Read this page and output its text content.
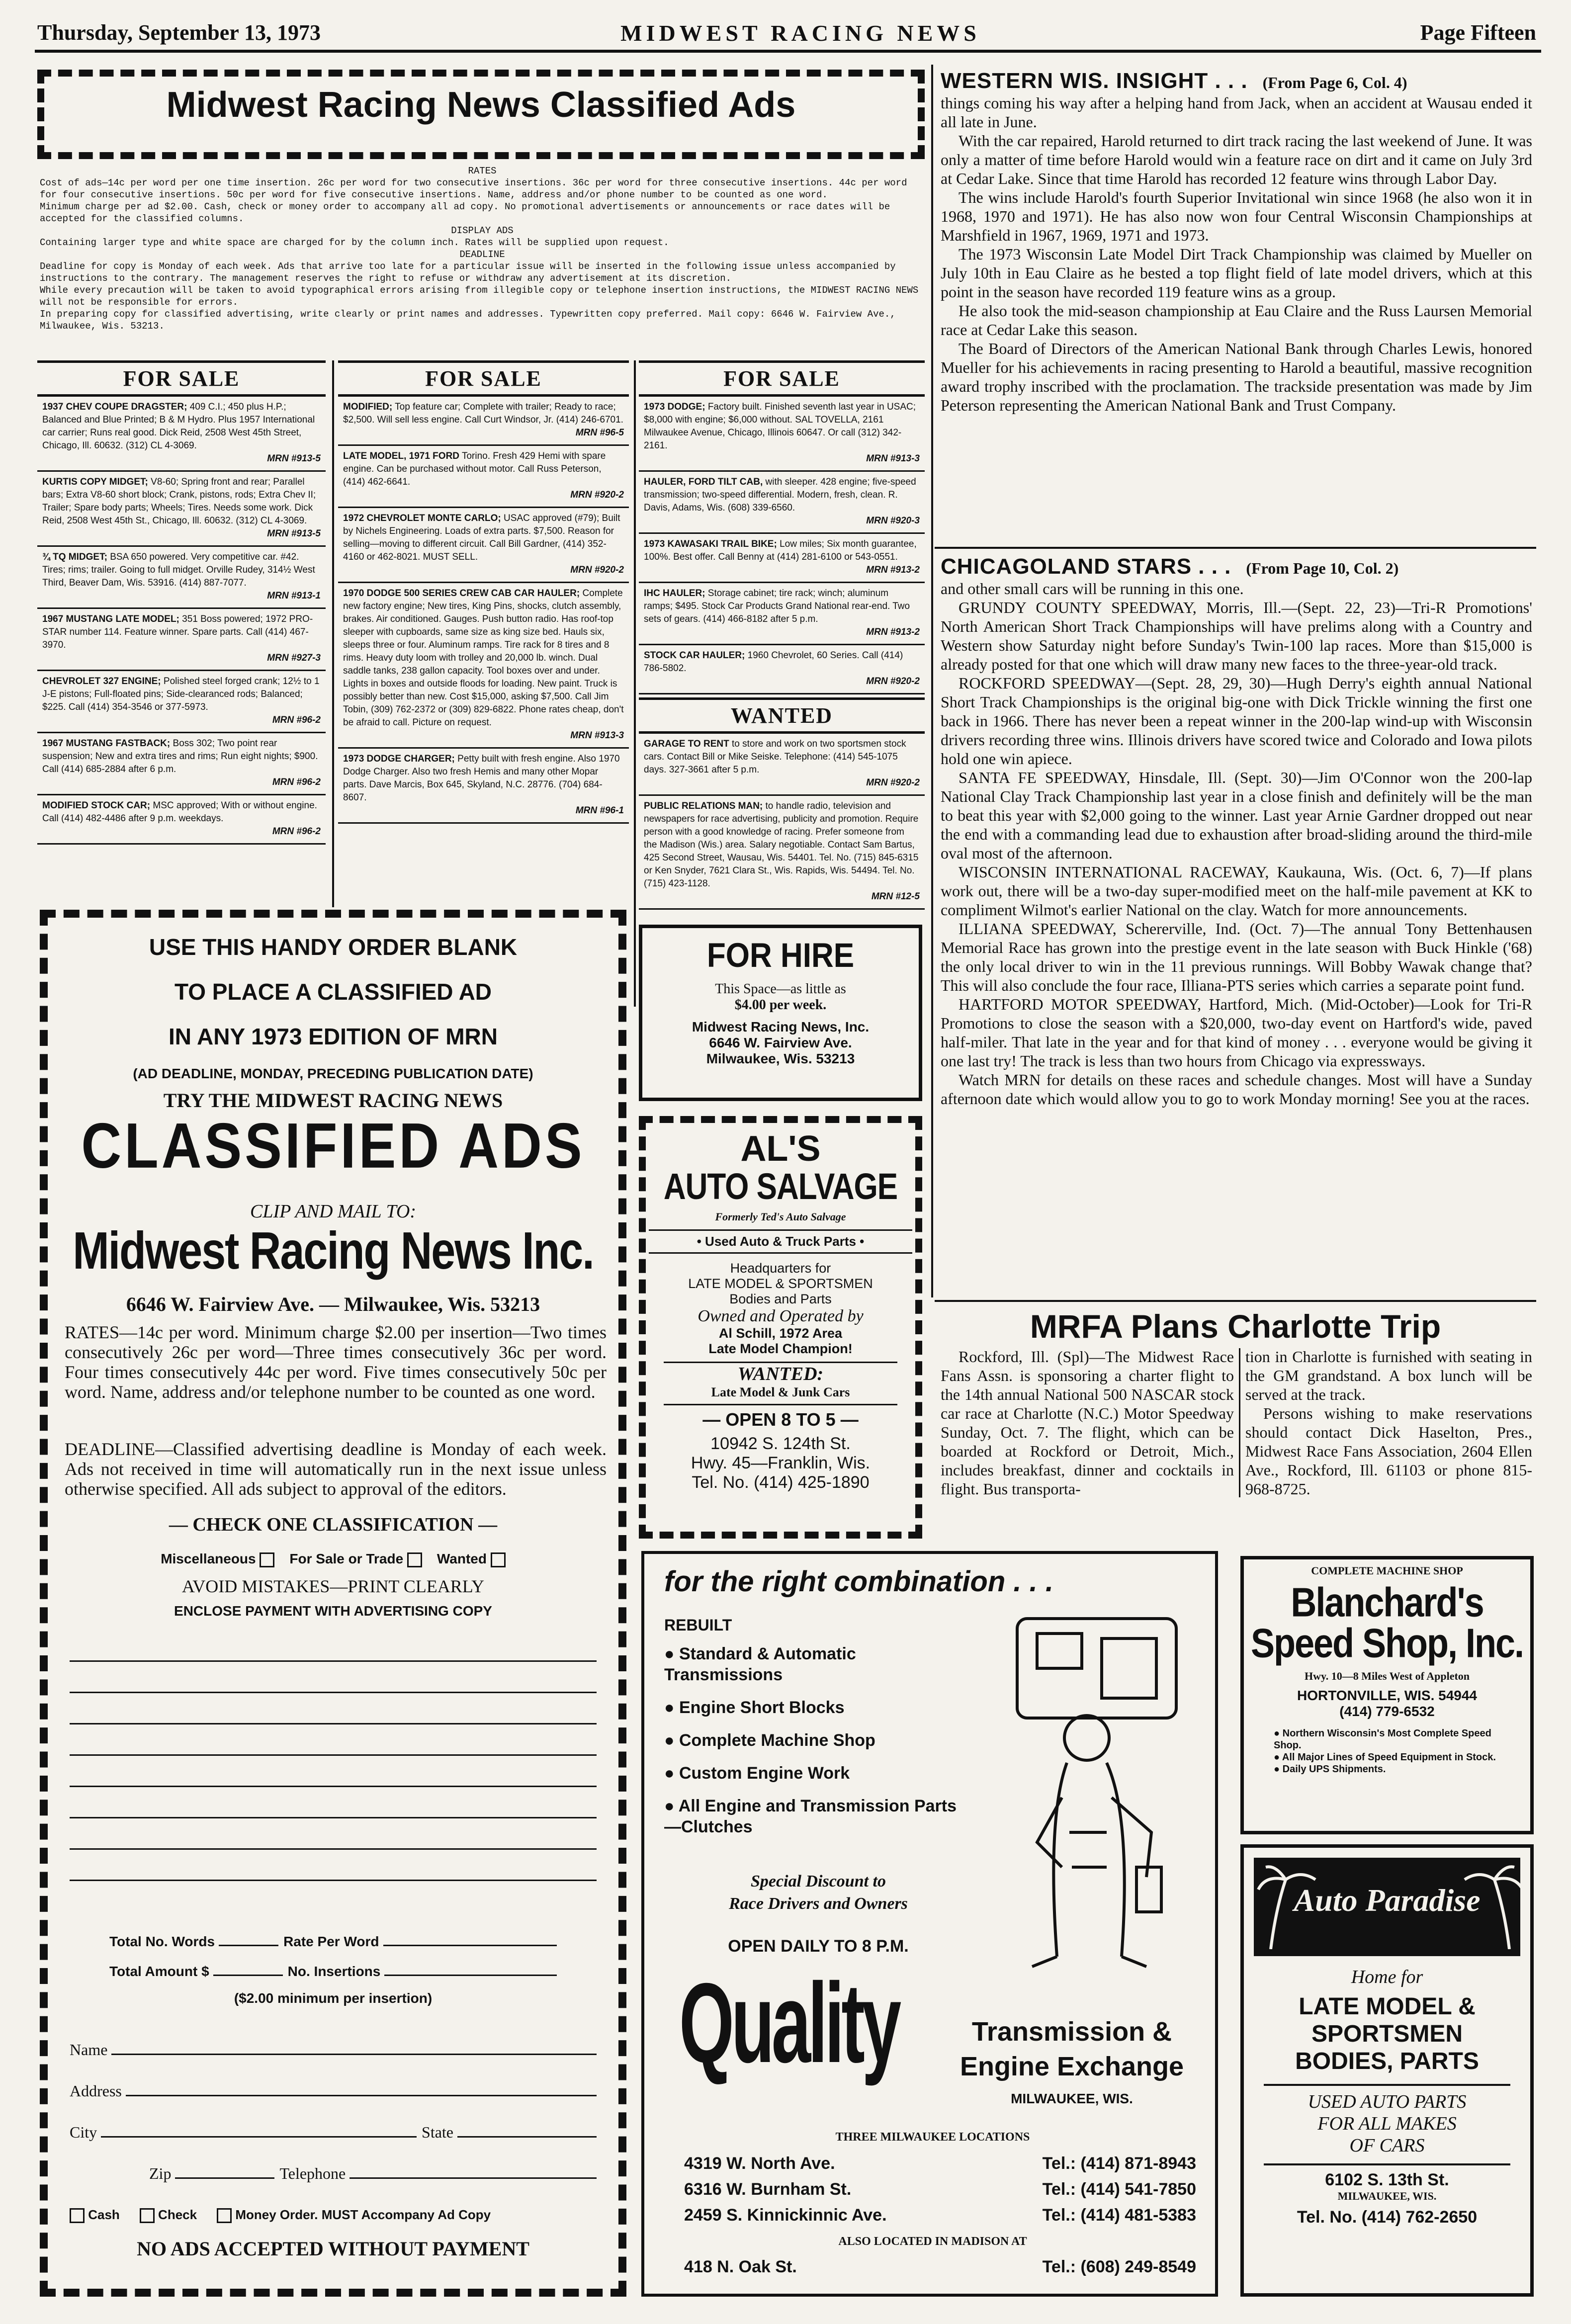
Thursday, September 13, 1973	MIDWEST RACING NEWS	Page Fifteen
Midwest Racing News Classified Ads
RATES
Cost of ads—14c per word per one time insertion. 26c per word for two consecutive insertions. 36c per word for three consecutive insertions. 44c per word for four consecutive insertions. 50c per word for five consecutive insertions. Name, address and/or phone number to be counted as one word.
Minimum charge per ad $2.00. Cash, check or money order to accompany all ad copy. No promotional advertisements or announcements or race dates will be accepted for the classified columns.
DISPLAY ADS
Containing larger type and white space are charged for by the column inch. Rates will be supplied upon request.
DEADLINE
Deadline for copy is Monday of each week. Ads that arrive too late for a particular issue will be inserted in the following issue unless accompanied by instructions to the contrary. The management reserves the right to refuse or withdraw any advertisement at its discretion.
While every precaution will be taken to avoid typographical errors arising from illegible copy or telephone insertion instructions, the MIDWEST RACING NEWS will not be responsible for errors.
In preparing copy for classified advertising, write clearly or print names and addresses. Typewritten copy preferred. Mail copy: 6646 W. Fairview Ave., Milwaukee, Wis. 53213.
FOR SALE
1937 CHEV COUPE DRAGSTER; 409 C.I.; 450 plus H.P.; Balanced and Blue Printed; B & M Hydro. Plus 1957 International car carrier; Runs real good. Dick Reid, 2508 West 45th Street, Chicago, Ill. 60632. (312) CL 4-3069.
MRN #913-5
KURTIS COPY MIDGET; V8-60; Spring front and rear; Parallel bars; Extra V8-60 short block; Crank, pistons, rods; Extra Chev II; Trailer; Spare body parts; Wheels; Tires. Needs some work. Dick Reid, 2508 West 45th St., Chicago, Ill. 60632. (312) CL 4-3069.
MRN #913-5
¾ TQ MIDGET; BSA 650 powered. Very competitive car. #42. Tires; rims; trailer. Going to full midget. Orville Rudey, 314½ West Third, Beaver Dam, Wis. 53916. (414) 887-7077.
MRN #913-1
1967 MUSTANG LATE MODEL; 351 Boss powered; 1972 PRO-STAR number 114. Feature winner. Spare parts. Call (414) 467-3970.
MRN #927-3
CHEVROLET 327 ENGINE; Polished steel forged crank; 12½ to 1 J-E pistons; Full-floated pins; Side-clearanced rods; Balanced; $225. Call (414) 354-3546 or 377-5973.
MRN #96-2
1967 MUSTANG FASTBACK; Boss 302; Two point rear suspension; New and extra tires and rims; Run eight nights; $900. Call (414) 685-2884 after 6 p.m.
MRN #96-2
MODIFIED STOCK CAR; MSC approved; With or without engine. Call (414) 482-4486 after 9 p.m. weekdays.
MRN #96-2
FOR SALE
MODIFIED; Top feature car; Complete with trailer; Ready to race; $2,500. Will sell less engine. Call Curt Windsor, Jr. (414) 246-6701.
MRN #96-5
LATE MODEL, 1971 FORD Torino. Fresh 429 Hemi with spare engine. Can be purchased without motor. Call Russ Peterson, (414) 462-6641.
MRN #920-2
1972 CHEVROLET MONTE CARLO; USAC approved (#79); Built by Nichels Engineering. Loads of extra parts. $7,500. Reason for selling—moving to different circuit. Call Bill Gardner, (414) 352-4160 or 462-8021. MUST SELL.
MRN #920-2
1970 DODGE 500 SERIES CREW CAB CAR HAULER; Complete new factory engine; New tires, King Pins, shocks, clutch assembly, brakes. Air conditioned. Gauges. Push button radio. Has roof-top sleeper with cupboards, same size as king size bed. Hauls six, sleeps three or four. Aluminum ramps. Tire rack for 8 tires and 8 rims. Heavy duty loom with trolley and 20,000 lb. winch. Dual saddle tanks, 238 gallon capacity. Tool boxes over and under. Lights in boxes and outside floods for loading. New paint. Truck is possibly better than new. Cost $15,000, asking $7,500. Call Jim Tobin, (309) 762-2372 or (309) 829-6822. Phone rates cheap, don't be afraid to call. Picture on request.
MRN #913-3
1973 DODGE CHARGER; Petty built with fresh engine. Also 1970 Dodge Charger. Also two fresh Hemis and many other Mopar parts. Dave Marcis, Box 645, Skyland, N.C. 28776. (704) 684-8607.
MRN #96-1
FOR SALE
1973 DODGE; Factory built. Finished seventh last year in USAC; $8,000 with engine; $6,000 without. SAL TOVELLA, 2161 Milwaukee Avenue, Chicago, Illinois 60647. Or call (312) 342-2161.
MRN #913-3
HAULER, FORD TILT CAB, with sleeper. 428 engine; five-speed transmission; two-speed differential. Modern, fresh, clean. R. Davis, Adams, Wis. (608) 339-6560.
MRN #920-3
1973 KAWASAKI TRAIL BIKE; Low miles; Six month guarantee, 100%. Best offer. Call Benny at (414) 281-6100 or 543-0551.
MRN #913-2
IHC HAULER; Storage cabinet; tire rack; winch; aluminum ramps; $495. Stock Car Products Grand National rear-end. Two sets of gears. (414) 466-8182 after 5 p.m.
MRN #913-2
STOCK CAR HAULER; 1960 Chevrolet, 60 Series. Call (414) 786-5802.
MRN #920-2
WANTED
GARAGE TO RENT to store and work on two sportsmen stock cars. Contact Bill or Mike Seiske. Telephone: (414) 545-1075 days. 327-3661 after 5 p.m.
MRN #920-2
PUBLIC RELATIONS MAN; to handle radio, television and newspapers for race advertising, publicity and promotion. Require person with a good knowledge of racing. Prefer someone from the Madison (Wis.) area. Salary negotiable. Contact Sam Bartus, 425 Second Street, Wausau, Wis. 54401. Tel. No. (715) 845-6315 or Ken Snyder, 7621 Clara St., Wis. Rapids, Wis. 54494. Tel. No. (715) 423-1128.
MRN #12-5
USE THIS HANDY ORDER BLANK
TO PLACE A CLASSIFIED AD
IN ANY 1973 EDITION OF MRN
(AD DEADLINE, MONDAY, PRECEDING PUBLICATION DATE)
TRY THE MIDWEST RACING NEWS
CLASSIFIED ADS
CLIP AND MAIL TO:
Midwest Racing News Inc.
6646 W. Fairview Ave. — Milwaukee, Wis. 53213
RATES—14c per word. Minimum charge $2.00 per insertion—Two times consecutively 26c per word—Three times consecutively 36c per word. Four times consecutively 44c per word. Five times consecutively 50c per word. Name, address and/or telephone number to be counted as one word.
DEADLINE—Classified advertising deadline is Monday of each week. Ads not received in time will automatically run in the next issue unless otherwise specified. All ads subject to approval of the editors.
— CHECK ONE CLASSIFICATION —
Miscellaneous	For Sale or Trade	Wanted
AVOID MISTAKES—PRINT CLEARLY
ENCLOSE PAYMENT WITH ADVERTISING COPY
Total No. Words	Rate Per Word
Total Amount $	No. Insertions
($2.00 minimum per insertion)
Name
Address
City	State
Zip	Telephone
Cash	Check	Money Order. MUST Accompany Ad Copy
NO ADS ACCEPTED WITHOUT PAYMENT
FOR HIRE
This Space—as little as
$4.00 per week.
Midwest Racing News, Inc.
6646 W. Fairview Ave.
Milwaukee, Wis. 53213
AL'S
AUTO SALVAGE
Formerly Ted's Auto Salvage
• Used Auto & Truck Parts •
Headquarters for
LATE MODEL & SPORTSMEN
Bodies and Parts
Owned and Operated by
Al Schill, 1972 Area
Late Model Champion!
WANTED:
Late Model & Junk Cars
— OPEN 8 TO 5 —
10942 S. 124th St.
Hwy. 45—Franklin, Wis.
Tel. No. (414) 425-1890
for the right combination . . .
REBUILT
● Standard & Automatic Transmissions
● Engine Short Blocks
● Complete Machine Shop
● Custom Engine Work
● All Engine and Transmission Parts—Clutches
Special Discount to
Race Drivers and Owners
OPEN DAILY TO 8 P.M.
Quality	Transmission &
Engine Exchange
MILWAUKEE, WIS.
THREE MILWAUKEE LOCATIONS
4319 W. North Ave.	Tel.: (414) 871-8943
6316 W. Burnham St.	Tel.: (414) 541-7850
2459 S. Kinnickinnic Ave.	Tel.: (414) 481-5383
ALSO LOCATED IN MADISON AT
418 N. Oak St.	Tel.: (608) 249-8549
WESTERN WIS. INSIGHT . . . (From Page 6, Col. 4)

things coming his way after a helping hand from Jack, when an accident at Wausau ended it all late in June.

With the car repaired, Harold returned to dirt track racing the last weekend of June. It was only a matter of time before Harold would win a feature race on dirt and it came on July 3rd at Cedar Lake. Since that time Harold has recorded 12 feature wins through Labor Day.

The wins include Harold's fourth Superior Invitational win since 1968 (he also won it in 1968, 1970 and 1971). He has also now won four Central Wisconsin Championships at Marshfield in 1967, 1969, 1971 and 1973.

The 1973 Wisconsin Late Model Dirt Track Championship was claimed by Mueller on July 10th in Eau Claire as he bested a top flight field of late model drivers, which at this point in the season have recorded 119 feature wins as a group.

He also took the mid-season championship at Eau Claire and the Russ Laursen Memorial race at Cedar Lake this season.

The Board of Directors of the American National Bank through Charles Lewis, honored Mueller for his achievements in racing presenting to Harold a beautiful, massive recognition award trophy inscribed with the proclamation. The trackside presentation was made by Jim Peterson representing the American National Bank and Trust Company.

CHICAGOLAND STARS . . . (From Page 10, Col. 2)

and other small cars will be running in this one.

GRUNDY COUNTY SPEEDWAY, Morris, Ill.—(Sept. 22, 23)—Tri-R Promotions' North American Short Track Championships will have prelims along with a Country and Western show Saturday night before Sunday's Twin-100 lap races. More than $15,000 is already posted for that one which will draw many new faces to the three-year-old track.

ROCKFORD SPEEDWAY—(Sept. 28, 29, 30)—Hugh Derry's eighth annual National Short Track Championships is the original big-one with Dick Trickle winning the first one back in 1966. There has never been a repeat winner in the 200-lap wind-up with Wisconsin drivers recording three wins. Illinois drivers have scored twice and Colorado and Iowa pilots hold one win apiece.

SANTA FE SPEEDWAY, Hinsdale, Ill. (Sept. 30)—Jim O'Connor won the 200-lap National Clay Track Championship last year in a close finish and definitely will be the man to beat this year with $2,000 going to the winner. Last year Arnie Gardner dropped out near the end with a commanding lead due to exhaustion after broad-sliding around the third-mile oval most of the afternoon.

WISCONSIN INTERNATIONAL RACEWAY, Kaukauna, Wis. (Oct. 6, 7)—If plans work out, there will be a two-day super-modified meet on the half-mile pavement at KK to compliment Wilmot's earlier National on the clay. Watch for more announcements.

ILLIANA SPEEDWAY, Schererville, Ind. (Oct. 7)—The annual Tony Bettenhausen Memorial Race has grown into the prestige event in the late season with Buck Hinkle ('68) the only local driver to win in the 11 previous runnings. Will Bobby Wawak change that? This will also conclude the four race, Illiana-PTS series which carries a separate point fund.

HARTFORD MOTOR SPEEDWAY, Hartford, Mich. (Mid-October)—Look for Tri-R Promotions to close the season with a $20,000, two-day event on Hartford's wide, paved half-miler. That late in the year and for that kind of money . . . everyone would be giving it one last try! The track is less than two hours from Chicago via expressways.

Watch MRN for details on these races and schedule changes. Most will have a Sunday afternoon date which would allow you to go to work Monday morning! See you at the races.

MRFA Plans Charlotte Trip

Rockford, Ill. (Spl)—The Midwest Race Fans Assn. is sponsoring a charter flight to the 14th annual National 500 NASCAR stock car race at Charlotte (N.C.) Motor Speedway Sunday, Oct. 7. The flight, which can be boarded at Rockford or Detroit, Mich., includes breakfast, dinner and cocktails in flight. Bus transporta-

tion in Charlotte is furnished with seating in the GM grandstand. A box lunch will be served at the track.

Persons wishing to make reservations should contact Dick Haselton, Pres., Midwest Race Fans Association, 2604 Ellen Ave., Rockford, Ill. 61103 or phone 815-968-8725.

COMPLETE MACHINE SHOP
Blanchard's
Speed Shop, Inc.
Hwy. 10—8 Miles West of Appleton
HORTONVILLE, WIS. 54944
(414) 779-6532
● Northern Wisconsin's Most Complete Speed Shop.
● All Major Lines of Speed Equipment in Stock.
● Daily UPS Shipments.
Auto Paradise
Home for
LATE MODEL &
SPORTSMEN
BODIES, PARTS
USED AUTO PARTS
FOR ALL MAKES
OF CARS
6102 S. 13th St.
MILWAUKEE, WIS.
Tel. No. (414) 762-2650
